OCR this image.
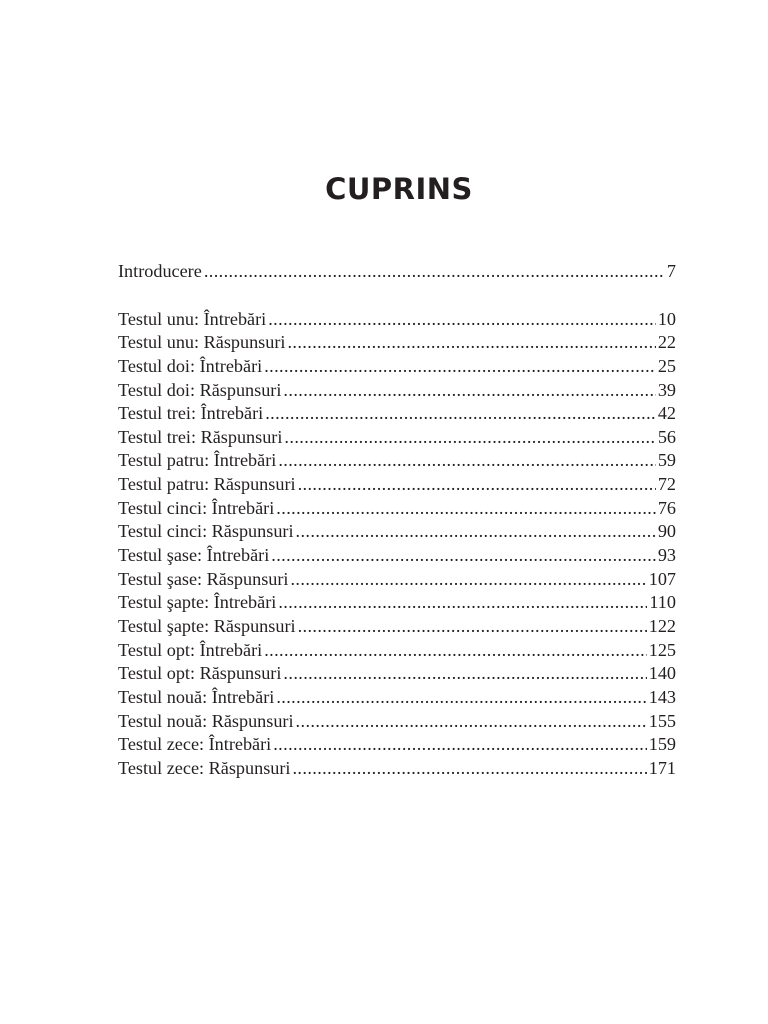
CUPRINS
Introducere .....	7
Testul unu: Întrebări .....	10
Testul unu: Răspunsuri .....	22
Testul doi: Întrebări .....	25
Testul doi: Răspunsuri .....	39
Testul trei: Întrebări .....	42
Testul trei: Răspunsuri .....	56
Testul patru: Întrebări .....	59
Testul patru: Răspunsuri .....	72
Testul cinci: Întrebări .....	76
Testul cinci: Răspunsuri .....	90
Testul şase: Întrebări .....	93
Testul şase: Răspunsuri .....	107
Testul şapte: Întrebări .....	110
Testul şapte: Răspunsuri .....	122
Testul opt: Întrebări .....	125
Testul opt: Răspunsuri .....	140
Testul nouă: Întrebări .....	143
Testul nouă: Răspunsuri .....	155
Testul zece: Întrebări .....	159
Testul zece: Răspunsuri .....	171
